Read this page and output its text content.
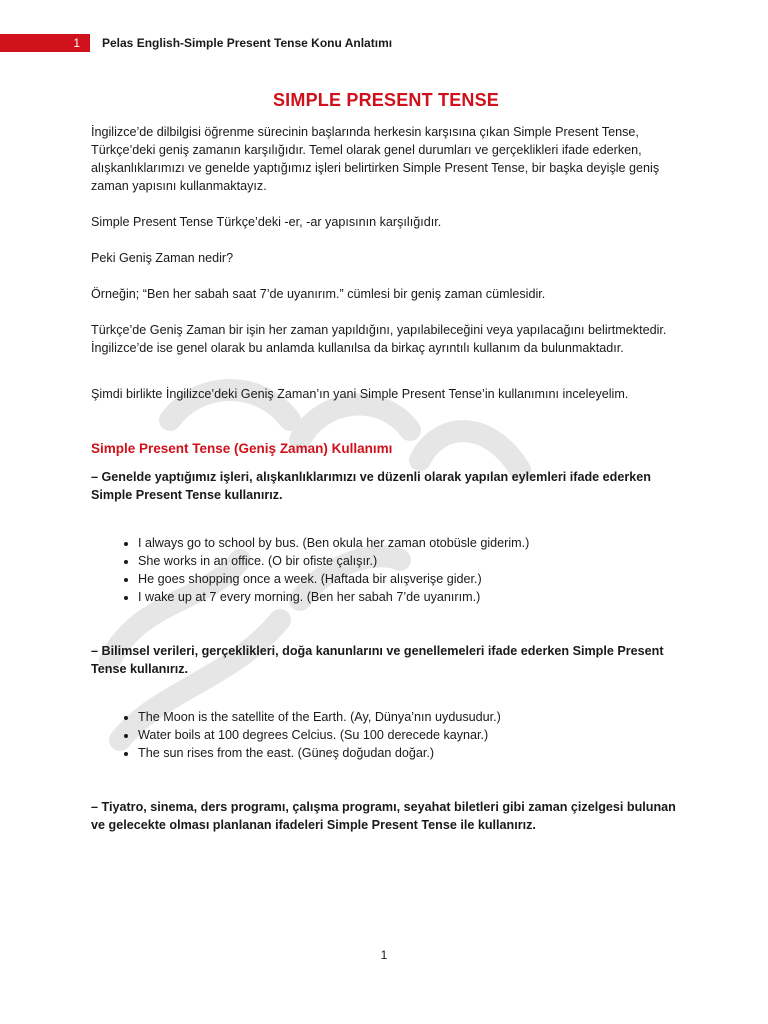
1	Pelas English-Simple Present Tense Konu Anlatımı
SIMPLE PRESENT TENSE

İngilizce’de dilbilgisi öğrenme sürecinin başlarında herkesin karşısına çıkan Simple Present Tense, Türkçe’deki geniş zamanın karşılığıdır. Temel olarak genel durumları ve gerçeklikleri ifade ederken, alışkanlıklarımızı ve genelde yaptığımız işleri belirtirken Simple Present Tense, bir başka deyişle geniş zaman yapısını kullanmaktayız.

Simple Present Tense Türkçe’deki -er, -ar yapısının karşılığıdır.

Peki Geniş Zaman nedir?

Örneğin; “Ben her sabah saat 7’de uyanırım.” cümlesi bir geniş zaman cümlesidir.

Türkçe’de Geniş Zaman bir işin her zaman yapıldığını, yapılabileceğini veya yapılacağını belirtmektedir. İngilizce’de ise genel olarak bu anlamda kullanılsa da birkaç ayrıntılı kullanım da bulunmaktadır.

Şimdi birlikte İngilizce’deki Geniş Zaman’ın yani Simple Present Tense’in kullanımını inceleyelim.

Simple Present Tense (Geniş Zaman) Kullanımı

– Genelde yaptığımız işleri, alışkanlıklarımızı ve düzenli olarak yapılan eylemleri ifade ederken Simple Present Tense kullanırız.

• I always go to school by bus. (Ben okula her zaman otobüsle giderim.)
• She works in an office. (O bir ofiste çalışır.)
• He goes shopping once a week. (Haftada bir alışverişe gider.)
• I wake up at 7 every morning. (Ben her sabah 7’de uyanırım.)

– Bilimsel verileri, gerçeklikleri, doğa kanunlarını ve genellemeleri ifade ederken Simple Present Tense kullanırız.

• The Moon is the satellite of the Earth. (Ay, Dünya’nın uydusudur.)
• Water boils at 100 degrees Celcius. (Su 100 derecede kaynar.)
• The sun rises from the east. (Güneş doğudan doğar.)

– Tiyatro, sinema, ders programı, çalışma programı, seyahat biletleri gibi zaman çizelgesi bulunan ve gelecekte olması planlanan ifadeleri Simple Present Tense ile kullanırız.

1
